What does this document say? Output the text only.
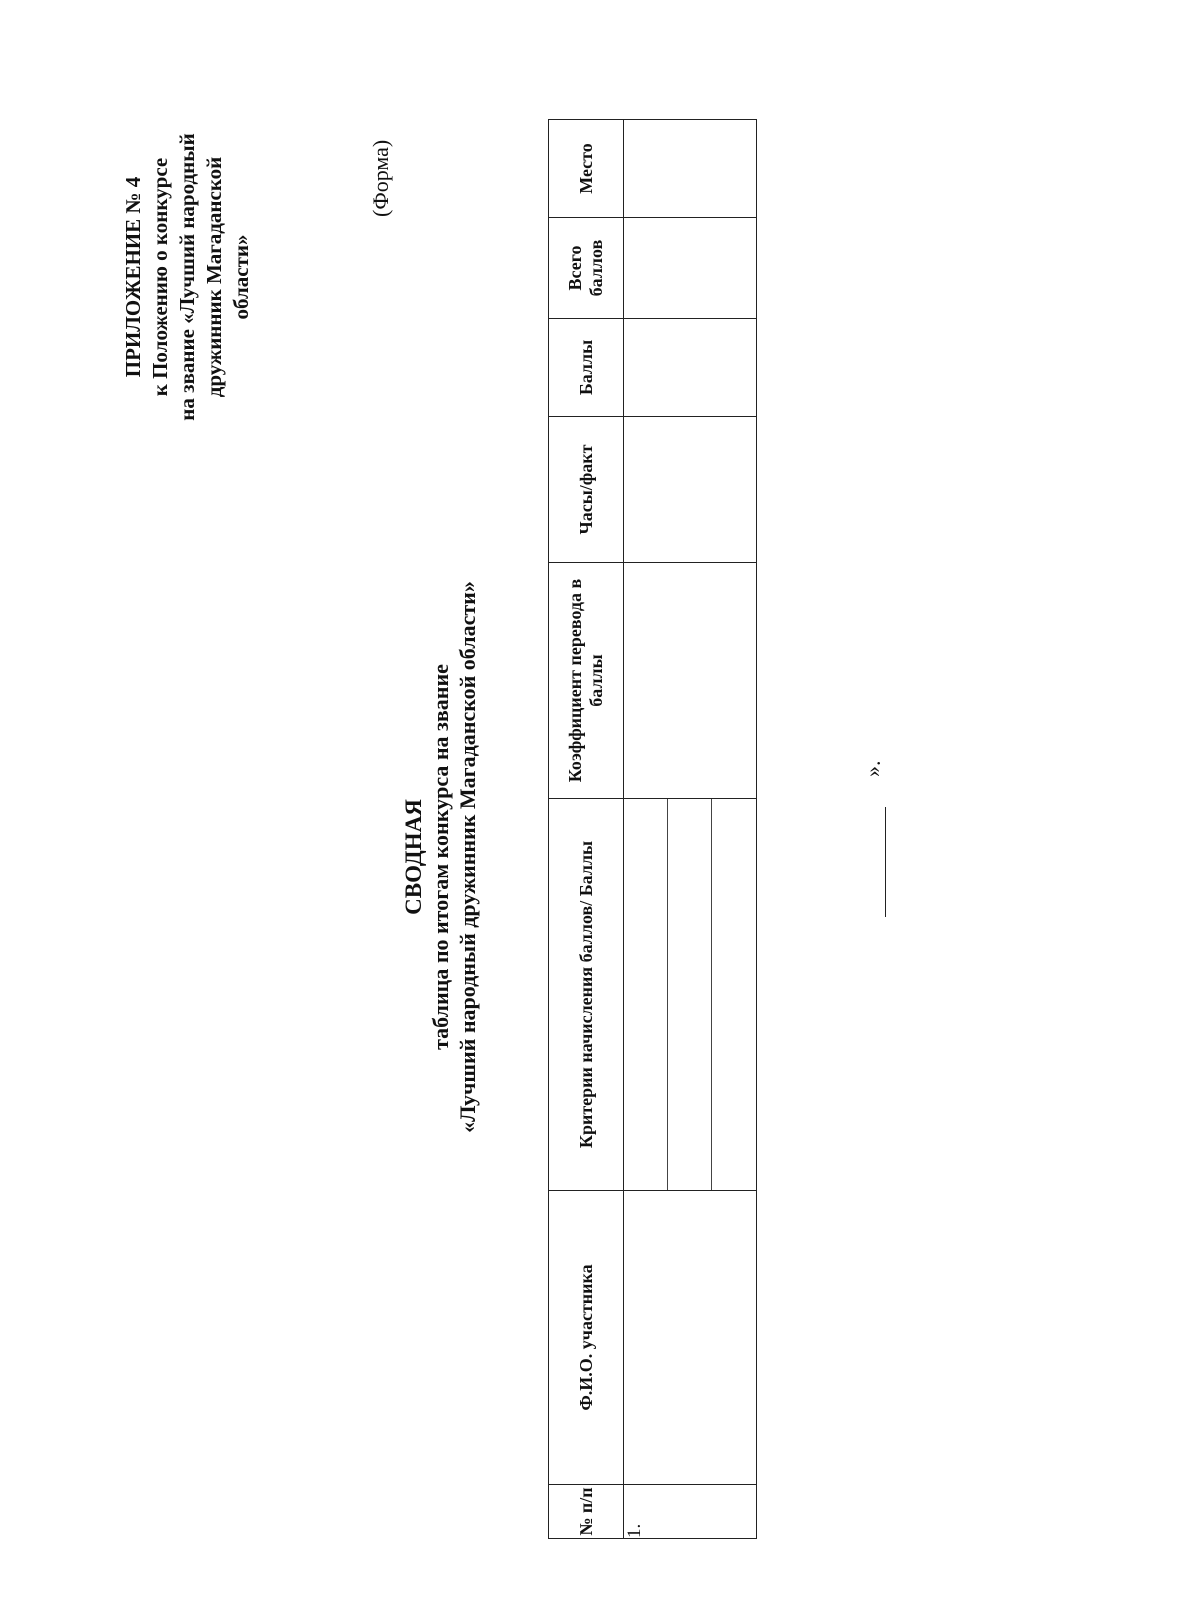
ПРИЛОЖЕНИЕ № 4 к Положению о конкурсе на звание «Лучший народный дружинник Магаданской области»
(Форма)
СВОДНАЯ таблица по итогам конкурса на звание «Лучший народный дружинник Магаданской области»
№ п/п	Ф.И.О. участника	Критерии начисления баллов/ Баллы	Коэффициент перевода в баллы	Часы/факт	Баллы	Всего баллов	Место
1.		

».
